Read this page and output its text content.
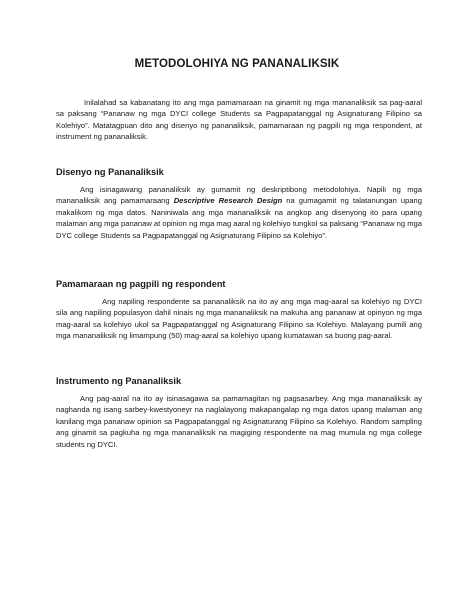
METODOLOHIYA NG PANANALIKSIK
Inilalahad sa kabanatang ito ang mga pamamaraan na ginamit ng mga mananaliksik sa pag-aaral sa paksang “Pananaw ng mga DYCI college Students sa Pagpapatanggal ng Asignaturang Filipino sa Kolehiyo”. Matatagpuan dito ang disenyo ng pananaliksik, pamamaraan ng pagpili ng mga respondent, at instrument ng pananaliksik.
Disenyo ng Pananaliksik
Ang isinagawang pananaliksik ay gumamit ng deskriptibong metodolohiya. Napili ng mga mananaliksik ang pamamaraang Descriptive Research Design na gumagamit ng talatanungan upang makalikom ng mga datos. Naniniwala ang mga mananaliksik na angkop ang disenyong ito para upang malaman ang mga pananaw at opinion ng mga mag aaral ng kolehiyo tungkol sa paksang “Pananaw ng mga DYC college Students sa Pagpapatanggal ng Asignaturang Filipino sa Kolehiyo”.
Pamamaraan ng pagpili ng respondent
Ang napiling respondente sa pananaliksik na ito ay ang mga mag-aaral sa kolehiyo ng DYCI sila ang napiling populasyon dahil ninais ng mga mananaliksik na makuha ang pananaw at opinyon ng mga mag-aaral sa kolehiyo ukol sa Pagpapatanggal ng Asignaturang Filipino sa Kolehiyo. Malayang pumili ang mga mananaliksik ng limampung (50) mag-aaral sa kolehiyo upang kumatawan sa buong pag-aaral.
Instrumento ng Pananaliksik
Ang pag-aaral na ito ay isinasagawa sa pamamagitan ng pagsasarbey. Ang mga mananaliksik ay naghanda ng isang sarbey-kwestyoneyr na naglalayong makapangalap ng mga datos upang malaman ang kanilang mga pananaw opinion sa Pagpapatanggal ng Asignaturang Filipino sa Kolehiyo. Random sampling ang ginamit sa pagkuha ng mga mananaliksik na magiging respondente na mag mumula ng mga college students ng DYCI.
